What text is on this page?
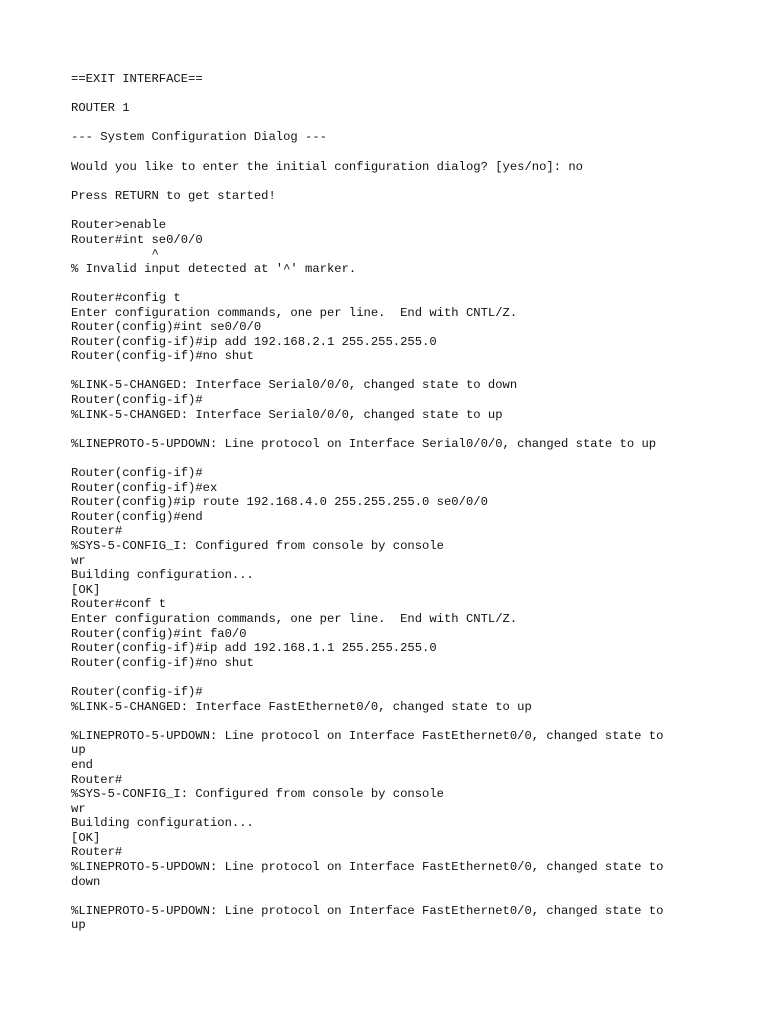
==EXIT INTERFACE==
ROUTER 1
--- System Configuration Dialog ---
Would you like to enter the initial configuration dialog? [yes/no]: no
Press RETURN to get started!
Router>enable
Router#int se0/0/0
^
% Invalid input detected at '^' marker.
Router#config t
Enter configuration commands, one per line.  End with CNTL/Z.
Router(config)#int se0/0/0
Router(config-if)#ip add 192.168.2.1 255.255.255.0
Router(config-if)#no shut
%LINK-5-CHANGED: Interface Serial0/0/0, changed state to down
Router(config-if)#
%LINK-5-CHANGED: Interface Serial0/0/0, changed state to up
%LINEPROTO-5-UPDOWN: Line protocol on Interface Serial0/0/0, changed state to up
Router(config-if)#
Router(config-if)#ex
Router(config)#ip route 192.168.4.0 255.255.255.0 se0/0/0
Router(config)#end
Router#
%SYS-5-CONFIG_I: Configured from console by console
wr
Building configuration...
[OK]
Router#conf t
Enter configuration commands, one per line.  End with CNTL/Z.
Router(config)#int fa0/0
Router(config-if)#ip add 192.168.1.1 255.255.255.0
Router(config-if)#no shut
Router(config-if)#
%LINK-5-CHANGED: Interface FastEthernet0/0, changed state to up
%LINEPROTO-5-UPDOWN: Line protocol on Interface FastEthernet0/0, changed state to
up
end
Router#
%SYS-5-CONFIG_I: Configured from console by console
wr
Building configuration...
[OK]
Router#
%LINEPROTO-5-UPDOWN: Line protocol on Interface FastEthernet0/0, changed state to
down
%LINEPROTO-5-UPDOWN: Line protocol on Interface FastEthernet0/0, changed state to
up
